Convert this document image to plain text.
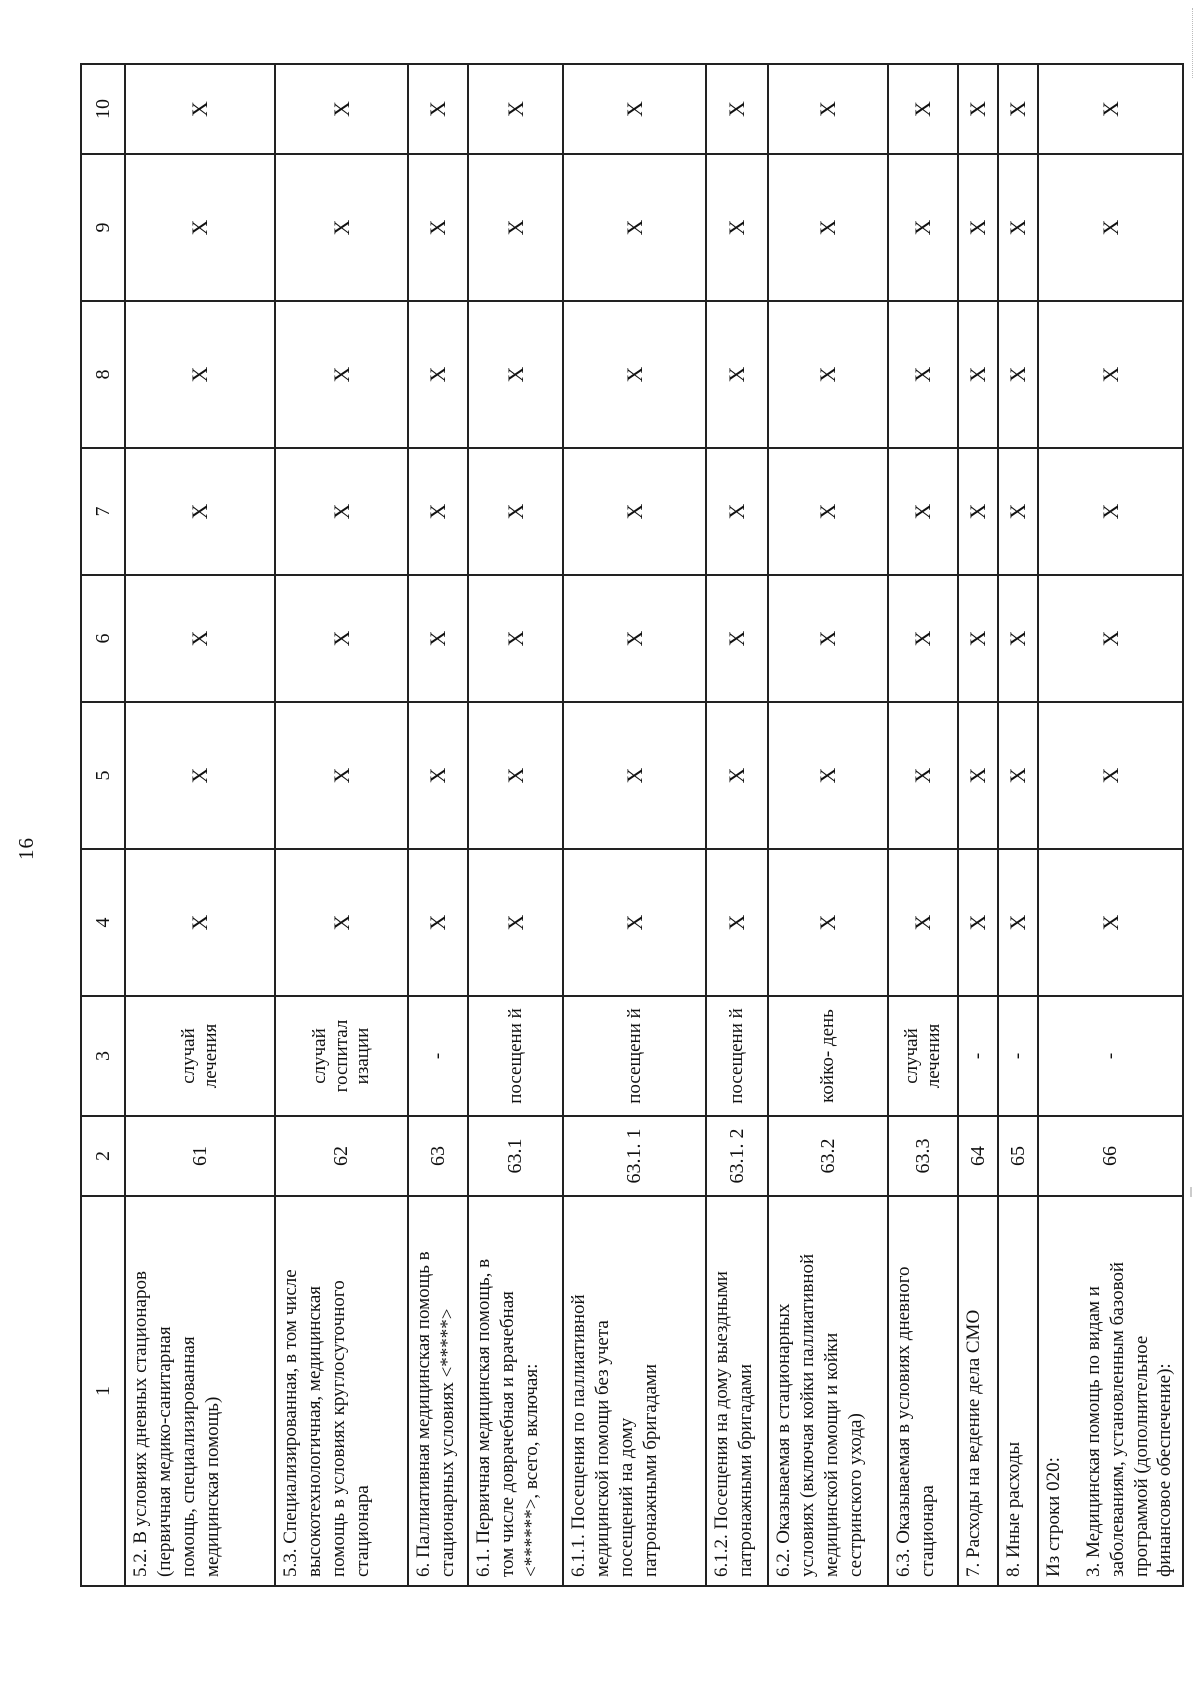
16
1	2	3	4	5	6	7	8	9	10

5.2. В условиях дневных стационаров (первичная медико-санитарная помощь, специализированная медицинская помощь)	61	случай лечения	X	X	X	X	X	X	X

5.3. Специализированная, в том числе высокотехнологичная, медицинская помощь в условиях круглосуточного стационара	62	случай госпитал изации	X	X	X	X	X	X	X

6. Паллиативная медицинская помощь в стационарных условиях <*****>	63	-	X	X	X	X	X	X	X

6.1. Первичная медицинская помощь, в том числе доврачебная и врачебная <******>, всего, включая:	63.1	посещени й	X	X	X	X	X	X	X

6.1.1. Посещения по паллиативной медицинской помощи без учета посещений на дому патронажными бригадами	63.1. 1	посещени й	X	X	X	X	X	X	X

6.1.2. Посещения на дому выездными патронажными бригадами	63.1. 2	посещени й	X	X	X	X	X	X	X

6.2. Оказываемая в стационарных условиях (включая койки паллиативной медицинской помощи и койки сестринского ухода)	63.2	койко- день	X	X	X	X	X	X	X

6.3. Оказываемая в условиях дневного стационара	63.3	случай лечения	X	X	X	X	X	X	X

7. Расходы на ведение дела СМО	64	-	X	X	X	X	X	X	X

8. Иные расходы	65	-	X	X	X	X	X	X	X

Из строки 020: 3. Медицинская помощь по видам и заболеваниям, установленным базовой программой (дополнительное финансовое обеспечение):	66	-	X	X	X	X	X	X	X
